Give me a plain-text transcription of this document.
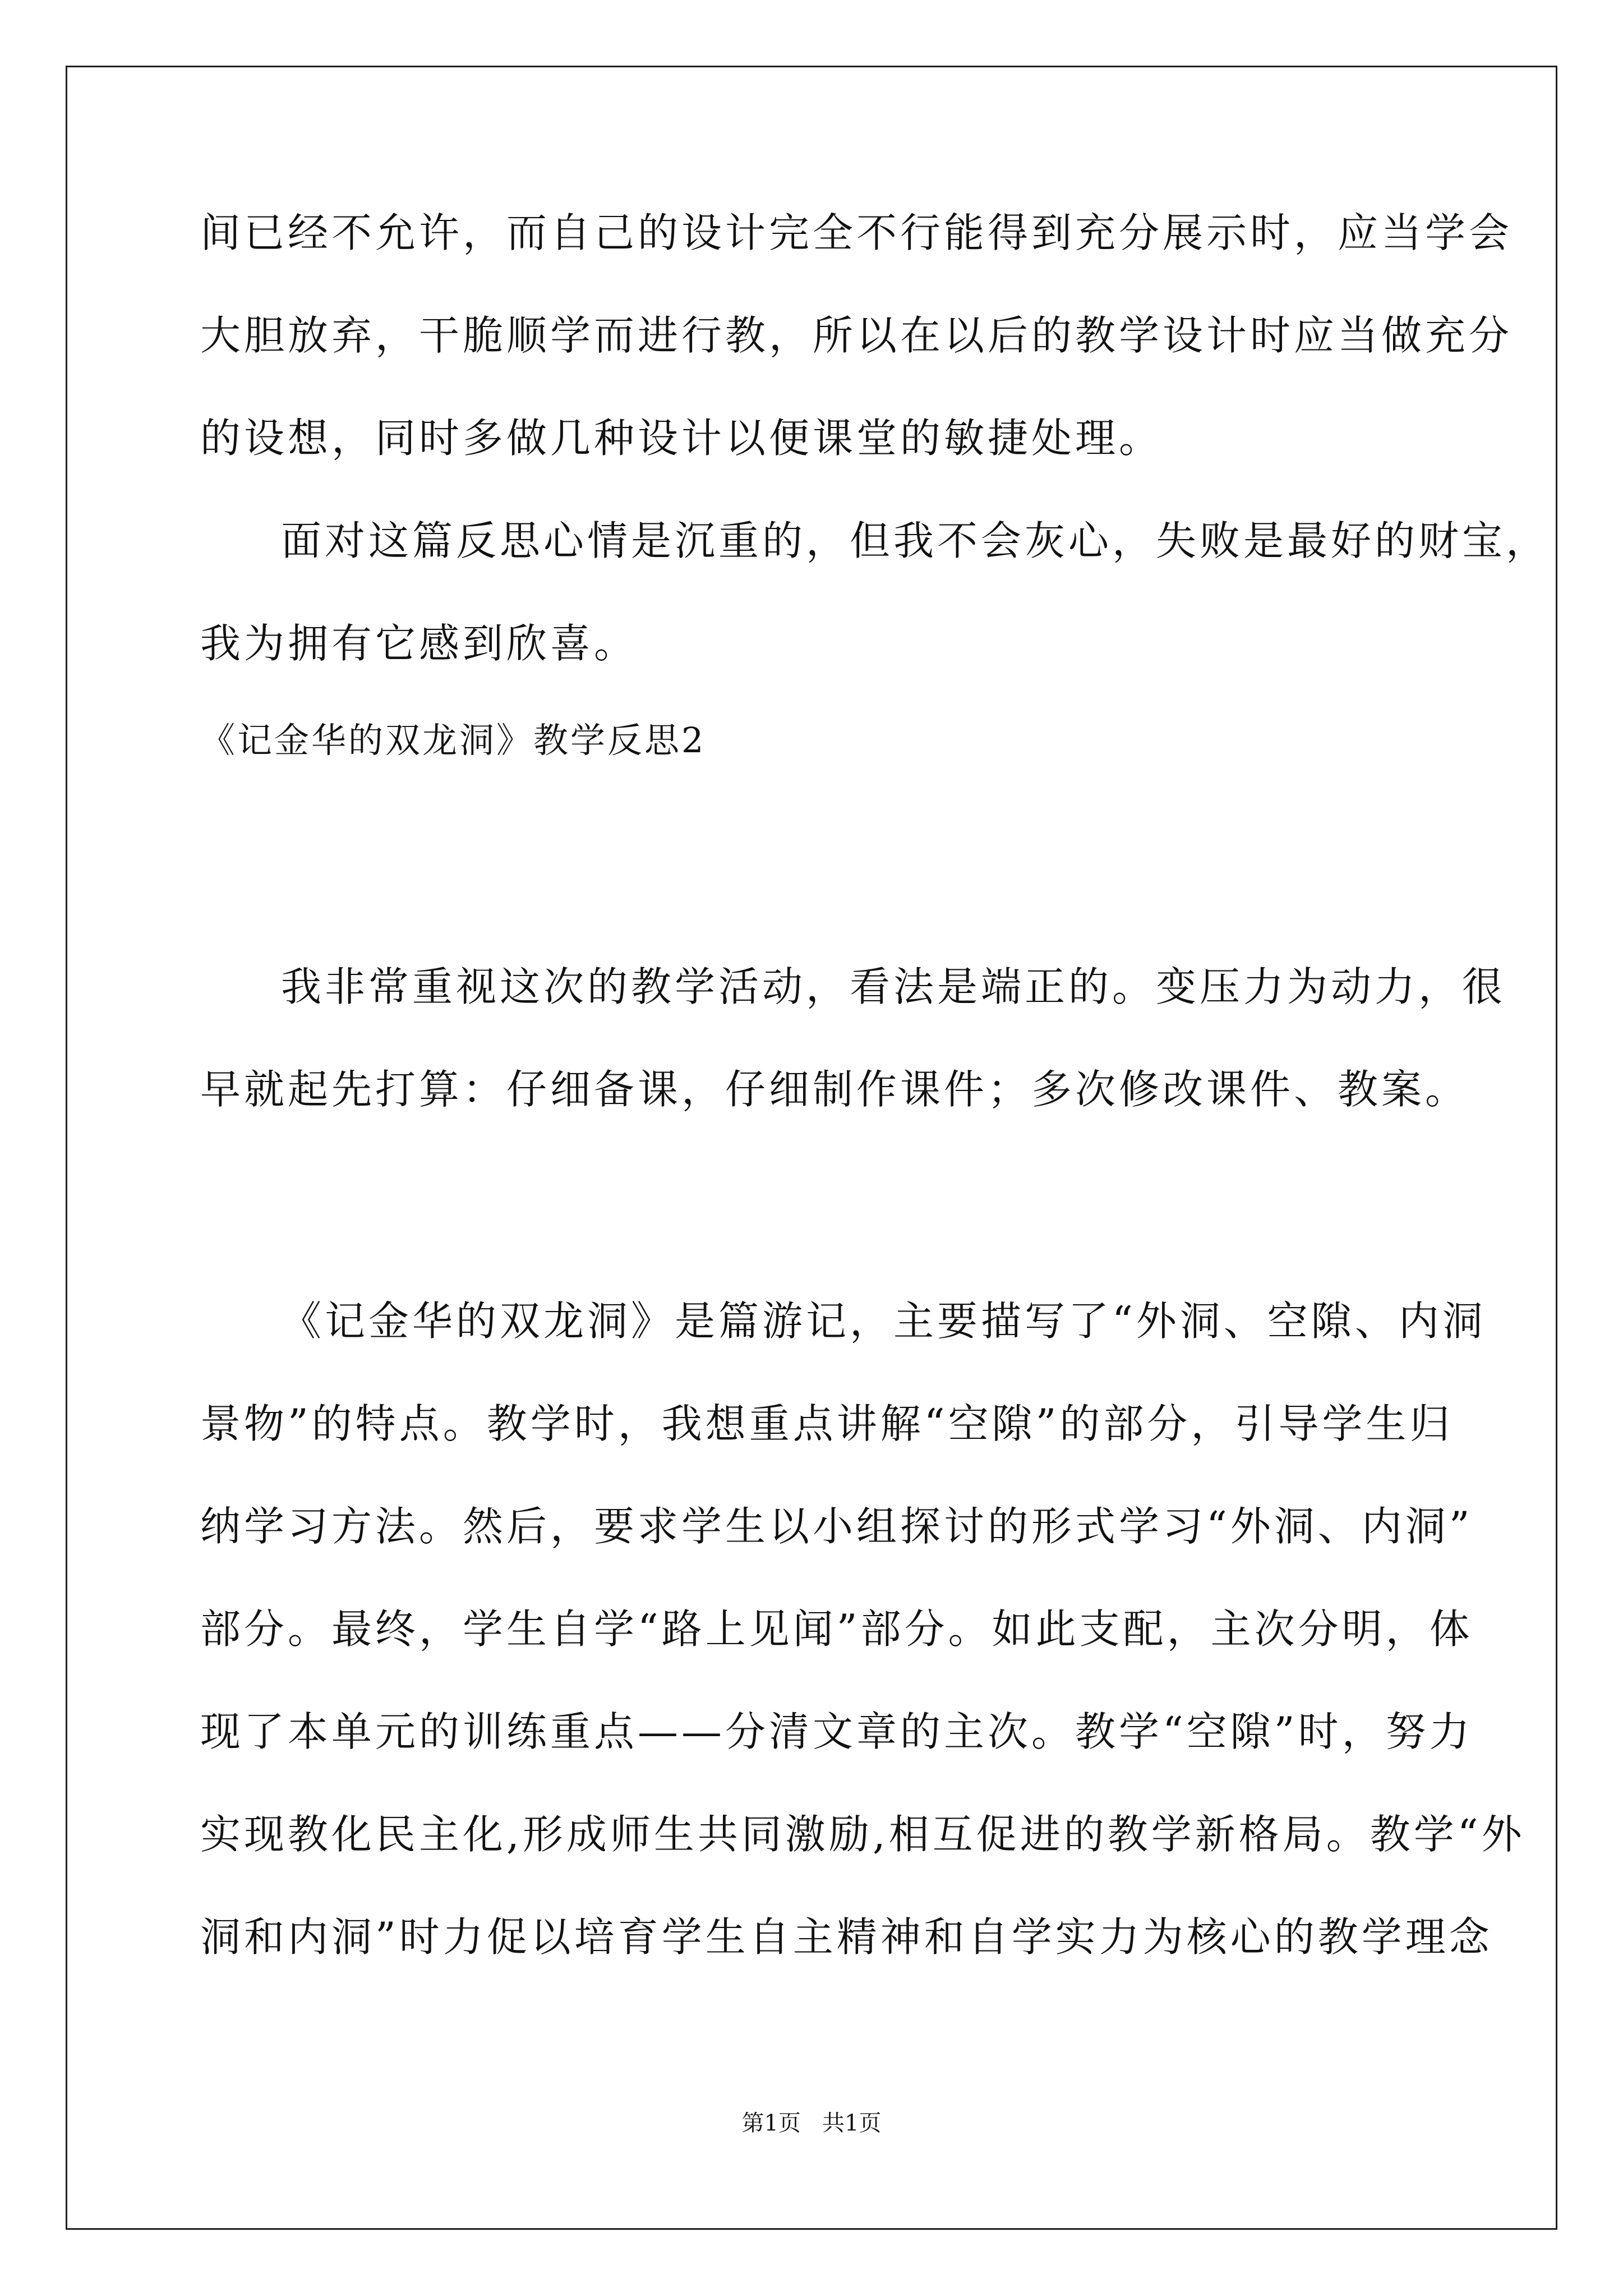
间已经不允许，而自己的设计完全不行能得到充分展示时，应当学会
大胆放弃，干脆顺学而进行教，所以在以后的教学设计时应当做充分
的设想，同时多做几种设计以便课堂的敏捷处理。
面对这篇反思心情是沉重的，但我不会灰心，失败是最好的财宝，
我为拥有它感到欣喜。
《记金华的双龙洞》教学反思2
我非常重视这次的教学活动，看法是端正的。变压力为动力，很
早就起先打算：仔细备课，仔细制作课件；多次修改课件、教案。
《记金华的双龙洞》是篇游记，主要描写了“外洞、空隙、内洞
景物”的特点。教学时，我想重点讲解“空隙”的部分，引导学生归
纳学习方法。然后，要求学生以小组探讨的形式学习“外洞、内洞”
部分。最终，学生自学“路上见闻”部分。如此支配，主次分明，体
现了本单元的训练重点——分清文章的主次。教学“空隙”时，努力
实现教化民主化,形成师生共同激励,相互促进的教学新格局。教学“外
洞和内洞”时力促以培育学生自主精神和自学实力为核心的教学理念
第1页   共1页
